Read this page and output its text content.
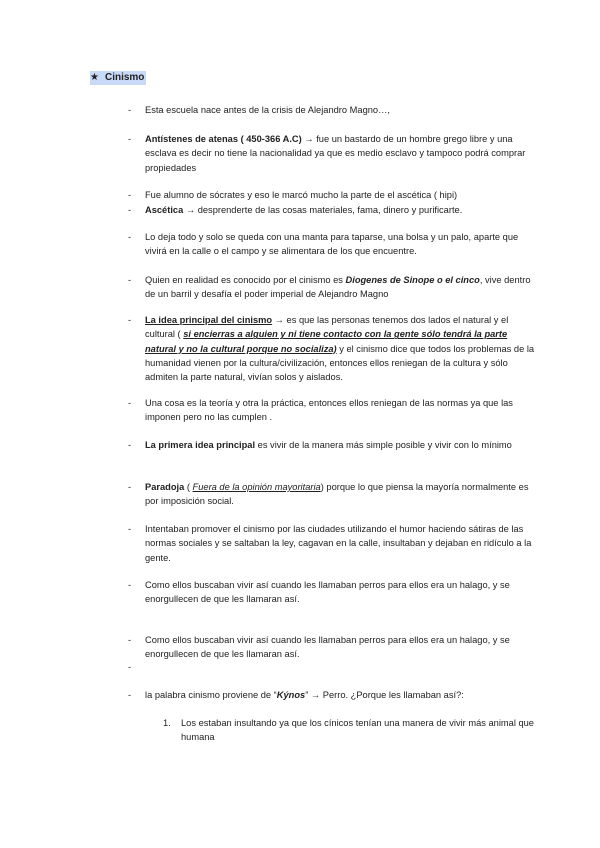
★ Cinismo
- Esta escuela nace antes de la crisis de Alejandro Magno…,
- Antístenes de atenas ( 450-366 A.C) → fue un bastardo de un hombre grego libre y una esclava es decir no tiene la nacionalidad ya que es medio esclavo y tampoco podrá comprar propiedades
- Fue alumno de sócrates y eso le marcó mucho la parte de el ascética ( hipi)
- Ascética → desprenderte de las cosas materiales, fama, dinero y purificarte.
- Lo deja todo y solo se queda con una manta para taparse, una bolsa y un palo, aparte que vivirá en la calle o el campo y se alimentara de los que encuentre.
- Quien en realidad es conocido por el cinismo es Diogenes de Sinope o el cinco, vive dentro de un barril y desafía el poder imperial de Alejandro Magno
- La idea principal del cinismo → es que las personas tenemos dos lados el natural y el cultural ( si encierras a alguien y ni tiene contacto con la gente sólo tendrá la parte natural y no la cultural porque no socializa) y el cinismo dice que todos los problemas de la humanidad vienen por la cultura/civilización, entonces ellos reniegan de la cultura y sólo admiten la parte natural, vivían solos y aislados.
- Una cosa es la teoría y otra la práctica, entonces ellos reniegan de las normas ya que las imponen pero no las cumplen .
- La primera idea principal es vivir de la manera más simple posible y vivir con lo mínimo
- Paradoja ( Fuera de la opinión mayoritaria) porque lo que piensa la mayoría normalmente es por imposición social.
- Intentaban promover el cinismo por las ciudades utilizando el humor haciendo sátiras de las normas sociales y se saltaban la ley, cagavan en la calle, insultaban y dejaban en ridículo a la gente.
- Como ellos buscaban vivir así cuando les llamaban perros para ellos era un halago, y se enorgullecen de que les llamaran así.
- Como ellos buscaban vivir así cuando les llamaban perros para ellos era un halago, y se enorgullecen de que les llamaran así.
-
- la palabra cinismo proviene de “Kýnos” → Perro. ¿Porque les llamaban así?:
1. Los estaban insultando ya que los cínicos tenían una manera de vivir más animal que humana
